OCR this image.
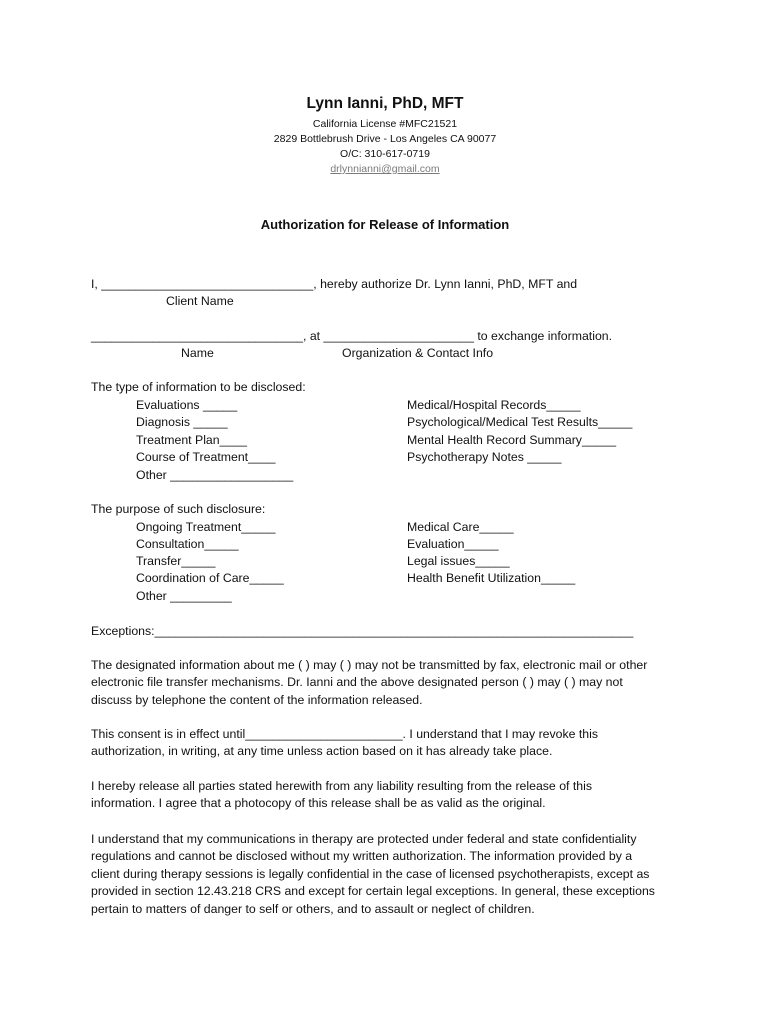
Lynn Ianni, PhD, MFT
California License #MFC21521
2829 Bottlebrush Drive - Los Angeles CA 90077
O/C: 310-617-0719
drlynnianni@gmail.com
Authorization for Release of Information
I, _______________________________, hereby authorize Dr. Lynn Ianni, PhD, MFT and
Client Name
_______________________________, at ______________________ to exchange information.
Name	Organization & Contact Info
The type of information to be disclosed:
Evaluations _____
Diagnosis _____
Treatment Plan____
Course of Treatment____
Other __________________
Medical/Hospital Records_____
Psychological/Medical Test Results_____
Mental Health Record Summary_____
Psychotherapy Notes _____
The purpose of such disclosure:
Ongoing Treatment_____
Consultation_____
Transfer_____
Coordination of Care_____
Other _________
Medical Care_____
Evaluation_____
Legal issues_____
Health Benefit Utilization_____
Exceptions:______________________________________________________________________
The designated information about me ( ) may ( ) may not be transmitted by fax, electronic mail or other
electronic file transfer mechanisms. Dr. Ianni and the above designated person ( ) may ( ) may not
discuss by telephone the content of the information released.
This consent is in effect until_______________________. I understand that I may revoke this
authorization, in writing, at any time unless action based on it has already take place.
I hereby release all parties stated herewith from any liability resulting from the release of this
information. I agree that a photocopy of this release shall be as valid as the original.
I understand that my communications in therapy are protected under federal and state confidentiality
regulations and cannot be disclosed without my written authorization. The information provided by a
client during therapy sessions is legally confidential in the case of licensed psychotherapists, except as
provided in section 12.43.218 CRS and except for certain legal exceptions. In general, these exceptions
pertain to matters of danger to self or others, and to assault or neglect of children.
